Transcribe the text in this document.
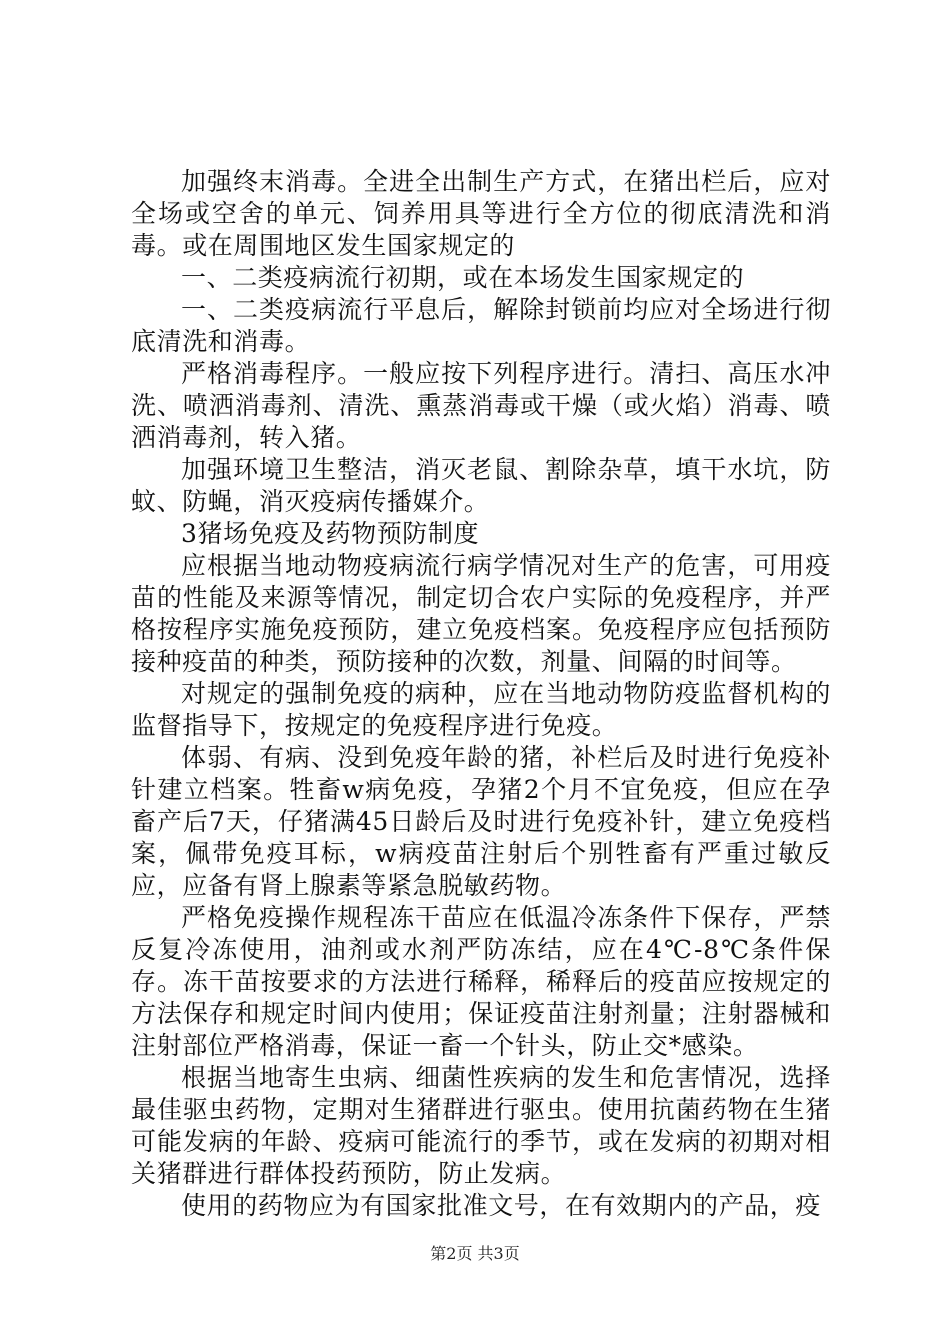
加强终末消毒。全进全出制生产方式，在猪出栏后，应对全场或空舍的单元、饲养用具等进行全方位的彻底清洗和消毒。或在周围地区发生国家规定的

一、二类疫病流行初期，或在本场发生国家规定的

一、二类疫病流行平息后，解除封锁前均应对全场进行彻底清洗和消毒。

严格消毒程序。一般应按下列程序进行。清扫、高压水冲洗、喷洒消毒剂、清洗、熏蒸消毒或干燥（或火焰）消毒、喷洒消毒剂，转入猪。

加强环境卫生整洁，消灭老鼠、割除杂草，填干水坑，防蚊、防蝇，消灭疫病传播媒介。

3猪场免疫及药物预防制度

应根据当地动物疫病流行病学情况对生产的危害，可用疫苗的性能及来源等情况，制定切合农户实际的免疫程序，并严格按程序实施免疫预防，建立免疫档案。免疫程序应包括预防接种疫苗的种类，预防接种的次数，剂量、间隔的时间等。

对规定的强制免疫的病种，应在当地动物防疫监督机构的监督指导下，按规定的免疫程序进行免疫。

体弱、有病、没到免疫年龄的猪，补栏后及时进行免疫补针建立档案。牲畜w病免疫，孕猪2个月不宜免疫，但应在孕畜产后7天，仔猪满45日龄后及时进行免疫补针，建立免疫档案，佩带免疫耳标，w病疫苗注射后个别牲畜有严重过敏反应，应备有肾上腺素等紧急脱敏药物。

严格免疫操作规程冻干苗应在低温冷冻条件下保存，严禁反复冷冻使用，油剂或水剂严防冻结，应在4℃-8℃条件保存。冻干苗按要求的方法进行稀释，稀释后的疫苗应按规定的方法保存和规定时间内使用；保证疫苗注射剂量；注射器械和注射部位严格消毒，保证一畜一个针头，防止交*感染。

根据当地寄生虫病、细菌性疾病的发生和危害情况，选择最佳驱虫药物，定期对生猪群进行驱虫。使用抗菌药物在生猪可能发病的年龄、疫病可能流行的季节，或在发病的初期对相关猪群进行群体投药预防，防止发病。

使用的药物应为有国家批准文号，在有效期内的产品，疫

第2页 共3页
